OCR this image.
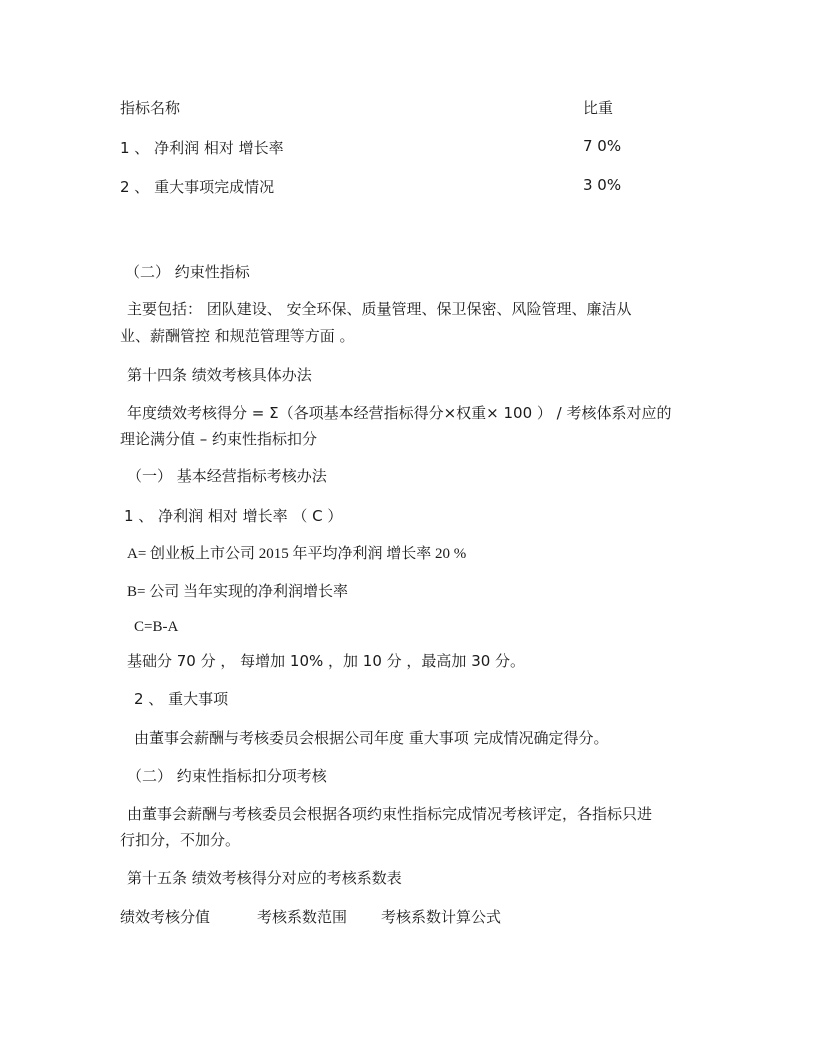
指标名称	比重
1 、 净利润 相对 增长率	7 0%
2 、 重大事项完成情况	3 0%
（二） 约束性指标
主要包括： 团队建设、 安全环保、质量管理、保卫保密、风险管理、廉洁从
业、薪酬管控 和规范管理等方面 。
第十四条 绩效考核具体办法
年度绩效考核得分 = Σ（各项基本经营指标得分×权重× 100 ） / 考核体系对应的
理论满分值 – 约束性指标扣分
（一） 基本经营指标考核办法
1 、 净利润 相对 增长率 （ C ）
A= 创业板上市公司 2015 年平均净利润 增长率 20 %
B= 公司 当年实现的净利润增长率
C=B-A
基础分 70 分 ， 每增加 10% ，加 10 分 ，最高加 30 分。
2 、 重大事项
由董事会薪酬与考核委员会根据公司年度 重大事项 完成情况确定得分。
（二） 约束性指标扣分项考核
由董事会薪酬与考核委员会根据各项约束性指标完成情况考核评定，各指标只进
行扣分，不加分。
第十五条 绩效考核得分对应的考核系数表
绩效考核分值	考核系数范围 考核系数计算公式
